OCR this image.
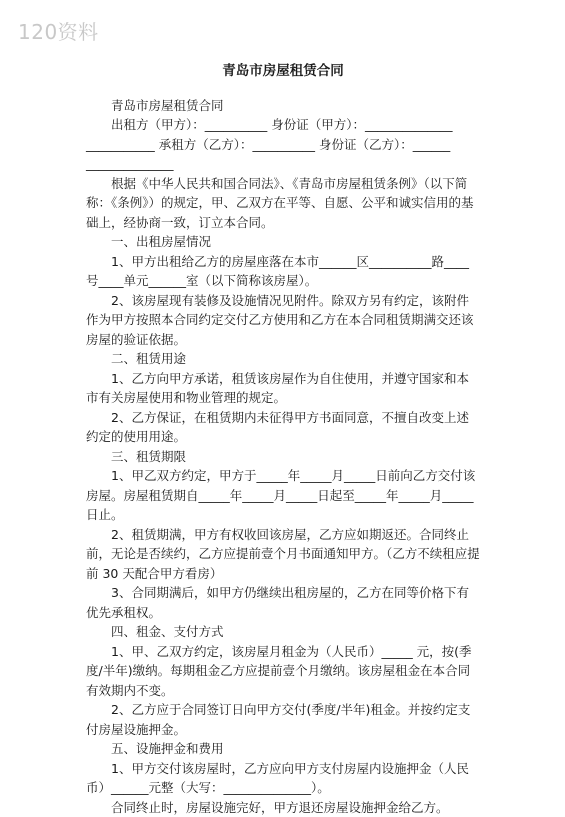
120资料
青岛市房屋租赁合同

青岛市房屋租赁合同

出租方（甲方）：__________ 身份证（甲方）：______________

___________ 承租方（乙方）：__________ 身份证（乙方）：______

______________

根据《中华人民共和国合同法》、《青岛市房屋租赁条例》（以下简称：《条例》）的规定，甲、乙双方在平等、自愿、公平和诚实信用的基础上，经协商一致，订立本合同。

一、出租房屋情况

1、甲方出租给乙方的房屋座落在本市______区__________路____号____单元______室（以下简称该房屋）。

2、该房屋现有装修及设施情况见附件。除双方另有约定，该附件作为甲方按照本合同约定交付乙方使用和乙方在本合同租赁期满交还该房屋的验证依据。

二、租赁用途

1、乙方向甲方承诺，租赁该房屋作为自住使用，并遵守国家和本市有关房屋使用和物业管理的规定。

2、乙方保证，在租赁期内未征得甲方书面同意，不擅自改变上述约定的使用用途。

三、租赁期限

1、甲乙双方约定，甲方于_____年_____月_____日前向乙方交付该房屋。房屋租赁期自_____年_____月_____日起至_____年_____月_____日止。

2、租赁期满，甲方有权收回该房屋，乙方应如期返还。合同终止前，无论是否续约，乙方应提前壹个月书面通知甲方。（乙方不续租应提前 30 天配合甲方看房）

3、合同期满后，如甲方仍继续出租房屋的，乙方在同等价格下有优先承租权。

四、租金、支付方式

1、甲、乙双方约定，该房屋月租金为（人民币）_____ 元，按(季度/半年)缴纳。每期租金乙方应提前壹个月缴纳。该房屋租金在本合同有效期内不变。

2、乙方应于合同签订日向甲方交付(季度/半年)租金。并按约定支付房屋设施押金。

五、设施押金和费用

1、甲方交付该房屋时，乙方应向甲方支付房屋内设施押金（人民币）______元整（大写：______________）。

合同终止时，房屋设施完好，甲方退还房屋设施押金给乙方。
